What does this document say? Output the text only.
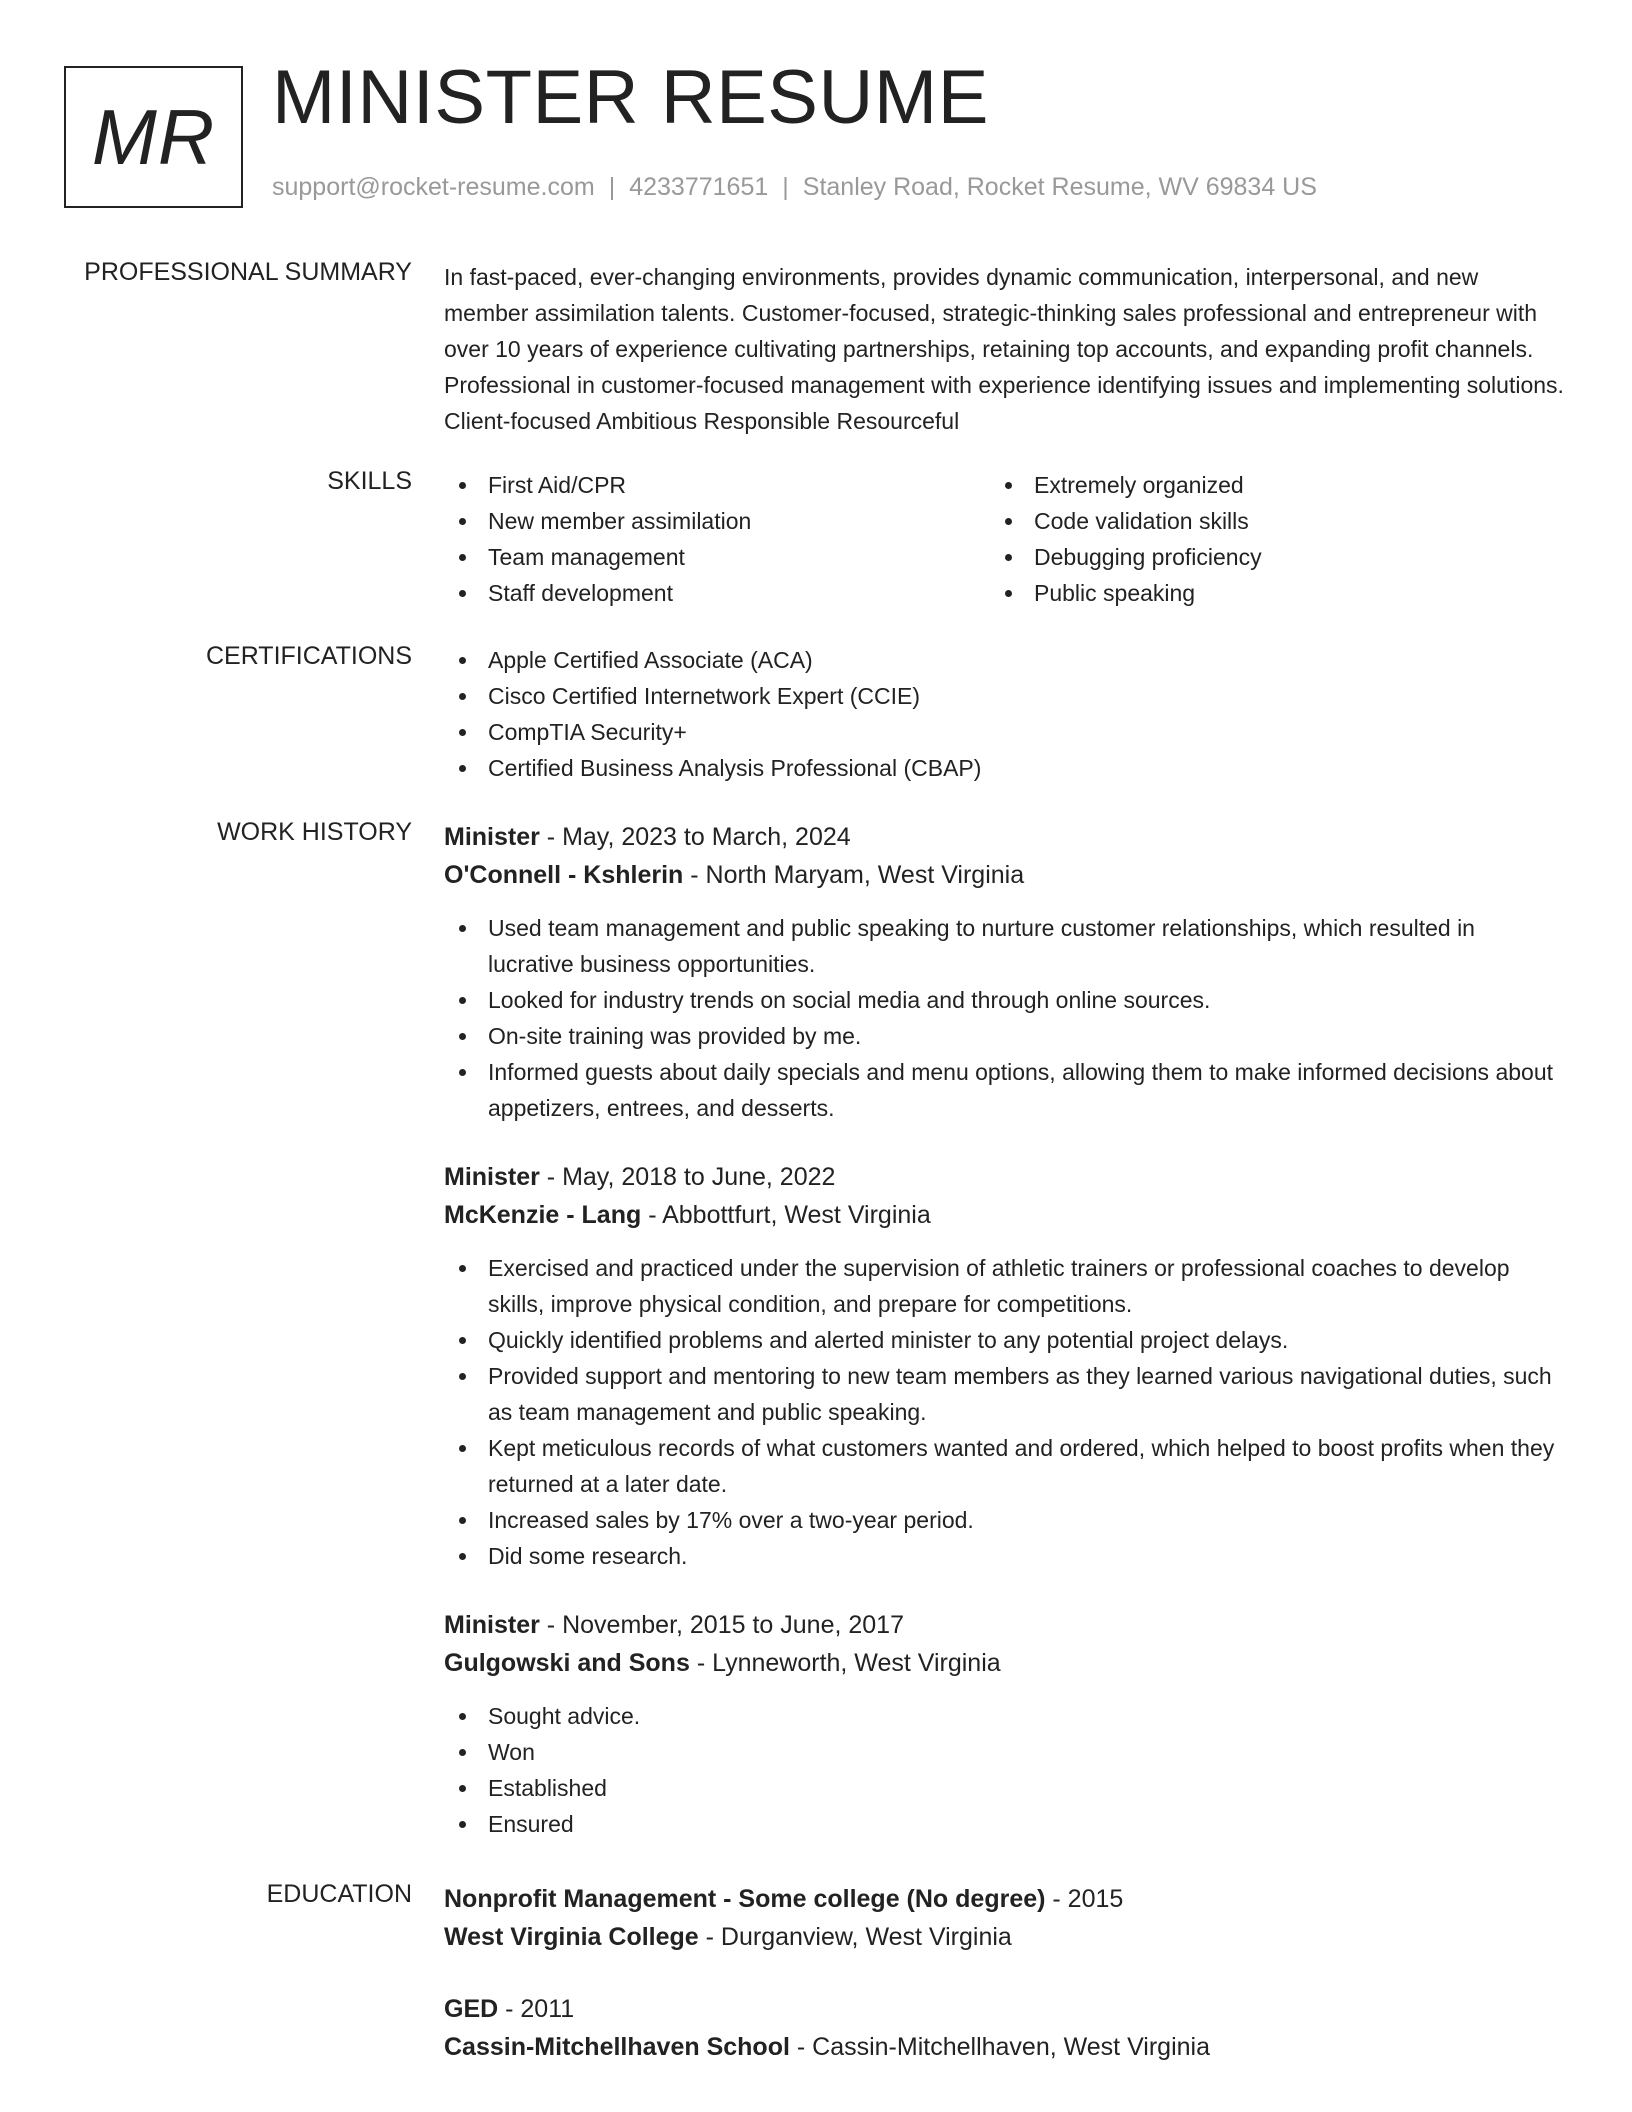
MR MINISTER RESUME
support@rocket-resume.com | 4233771651 | Stanley Road, Rocket Resume, WV 69834 US
PROFESSIONAL SUMMARY In fast-paced, ever-changing environments, provides dynamic communication, interpersonal, and new member assimilation talents. Customer-focused, strategic-thinking sales professional and entrepreneur with over 10 years of experience cultivating partnerships, retaining top accounts, and expanding profit channels. Professional in customer-focused management with experience identifying issues and implementing solutions. Client-focused Ambitious Responsible Resourceful
SKILLS	First Aid/CPR
New member assimilation
Team management
Staff development
Extremely organized
Code validation skills
Debugging proficiency
Public speaking
CERTIFICATIONS	Apple Certified Associate (ACA)
Cisco Certified Internetwork Expert (CCIE)
CompTIA Security+
Certified Business Analysis Professional (CBAP)
WORK HISTORY Minister - May, 2023 to March, 2024
O'Connell - Kshlerin - North Maryam, West Virginia
Used team management and public speaking to nurture customer relationships, which resulted in lucrative business opportunities.
Looked for industry trends on social media and through online sources.
On-site training was provided by me.
Informed guests about daily specials and menu options, allowing them to make informed decisions about appetizers, entrees, and desserts.
Minister - May, 2018 to June, 2022
McKenzie - Lang - Abbottfurt, West Virginia
Exercised and practiced under the supervision of athletic trainers or professional coaches to develop skills, improve physical condition, and prepare for competitions.
Quickly identified problems and alerted minister to any potential project delays.
Provided support and mentoring to new team members as they learned various navigational duties, such as team management and public speaking.
Kept meticulous records of what customers wanted and ordered, which helped to boost profits when they returned at a later date.
Increased sales by 17% over a two-year period.
Did some research.
Minister - November, 2015 to June, 2017
Gulgowski and Sons - Lynneworth, West Virginia
Sought advice.
Won
Established
Ensured
EDUCATION Nonprofit Management - Some college (No degree) - 2015
West Virginia College - Durganview, West Virginia
GED - 2011
Cassin-Mitchellhaven School - Cassin-Mitchellhaven, West Virginia
